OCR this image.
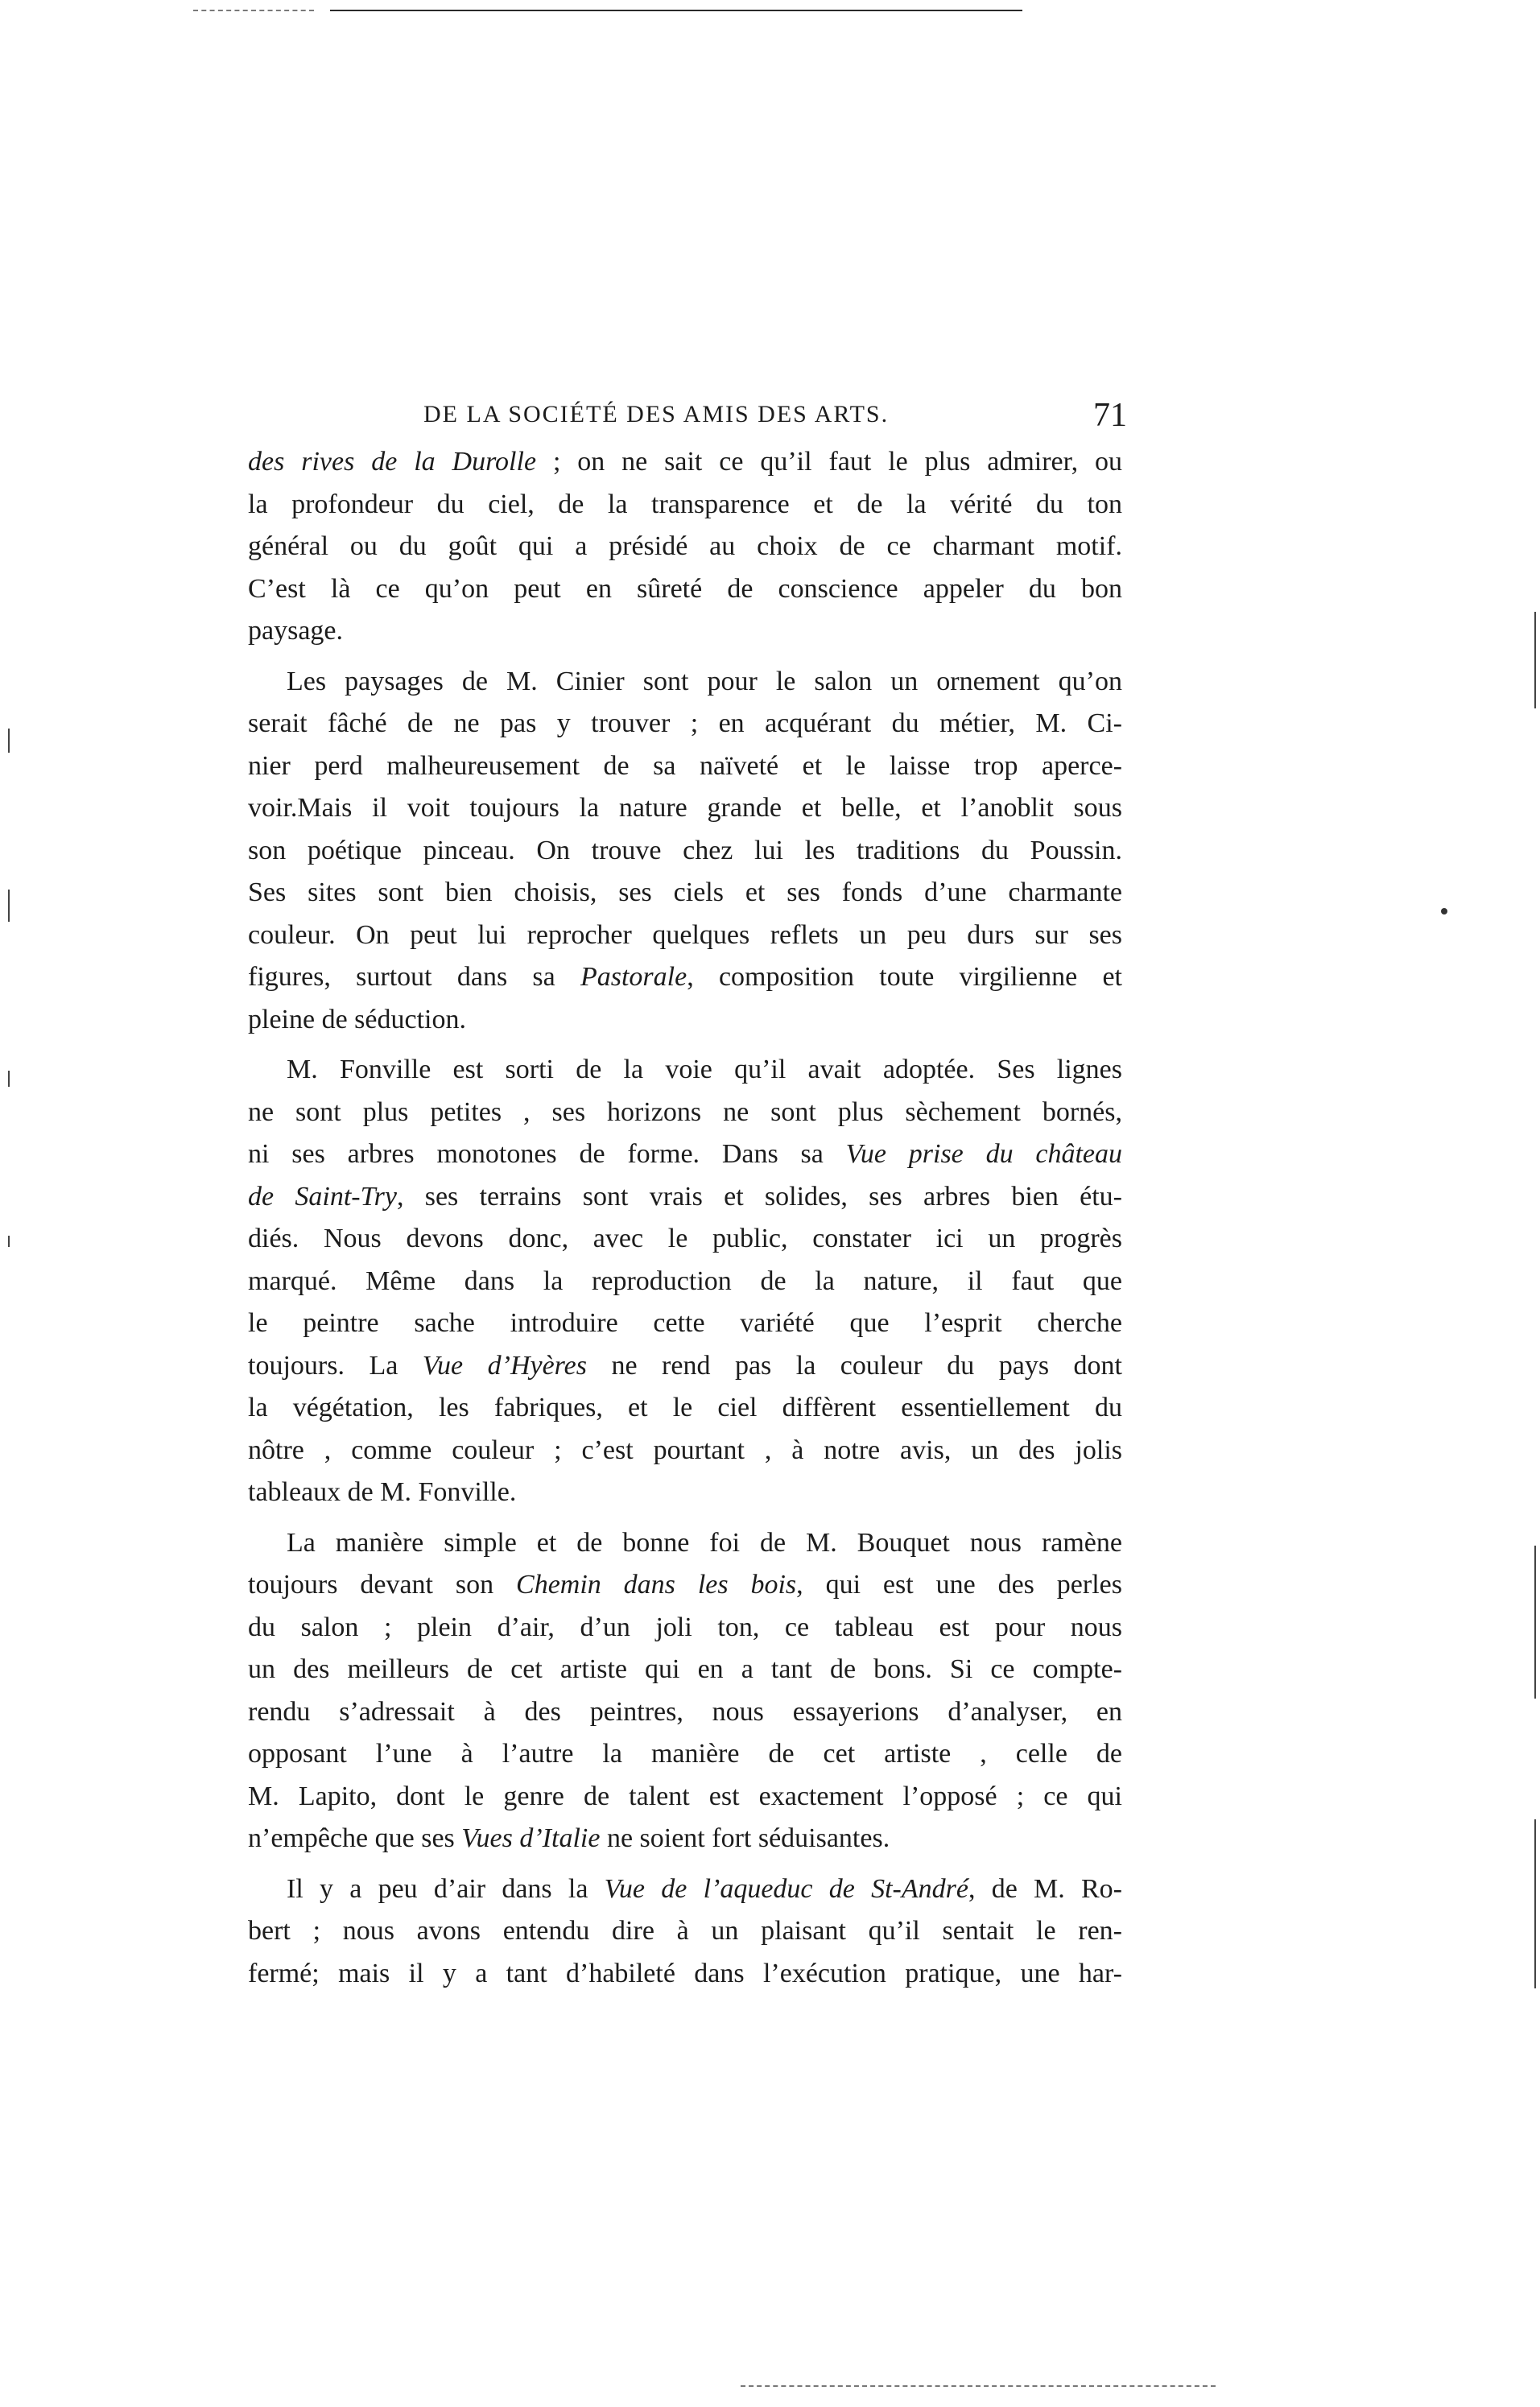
DE LA SOCIÉTÉ DES AMIS DES ARTS.	71

des rives de la Durolle ; on ne sait ce qu’il faut le plus admirer, ou

la profondeur du ciel, de la transparence et de la vérité du ton

général ou du goût qui a présidé au choix de ce charmant motif.

C’est là ce qu’on peut en sûreté de conscience appeler du bon

paysage.

Les paysages de M. Cinier sont pour le salon un ornement qu’on

serait fâché de ne pas y trouver ; en acquérant du métier, M. Ci-

nier perd malheureusement de sa naïveté et le laisse trop aperce-

voir.Mais il voit toujours la nature grande et belle, et l’anoblit sous

son poétique pinceau. On trouve chez lui les traditions du Poussin.

Ses sites sont bien choisis, ses ciels et ses fonds d’une charmante

couleur. On peut lui reprocher quelques reflets un peu durs sur ses

figures, surtout dans sa Pastorale, composition toute virgilienne et

pleine de séduction.

M. Fonville est sorti de la voie qu’il avait adoptée. Ses lignes

ne sont plus petites , ses horizons ne sont plus sèchement bornés,

ni ses arbres monotones de forme. Dans sa Vue prise du château

de Saint-Try, ses terrains sont vrais et solides, ses arbres bien étu-

diés. Nous devons donc, avec le public, constater ici un progrès

marqué. Même dans la reproduction de la nature, il faut que

le peintre sache introduire cette variété que l’esprit cherche

toujours. La Vue d’Hyères ne rend pas la couleur du pays dont

la végétation, les fabriques, et le ciel diffèrent essentiellement du

nôtre , comme couleur ; c’est pourtant , à notre avis, un des jolis

tableaux de M. Fonville.

La manière simple et de bonne foi de M. Bouquet nous ramène

toujours devant son Chemin dans les bois, qui est une des perles

du salon ; plein d’air, d’un joli ton, ce tableau est pour nous

un des meilleurs de cet artiste qui en a tant de bons. Si ce compte-

rendu s’adressait à des peintres, nous essayerions d’analyser, en

opposant l’une à l’autre la manière de cet artiste , celle de

M. Lapito, dont le genre de talent est exactement l’opposé ; ce qui

n’empêche que ses Vues d’Italie ne soient fort séduisantes.

Il y a peu d’air dans la Vue de l’aqueduc de St-André, de M. Ro-

bert ; nous avons entendu dire à un plaisant qu’il sentait le ren-

fermé; mais il y a tant d’habileté dans l’exécution pratique, une har-
